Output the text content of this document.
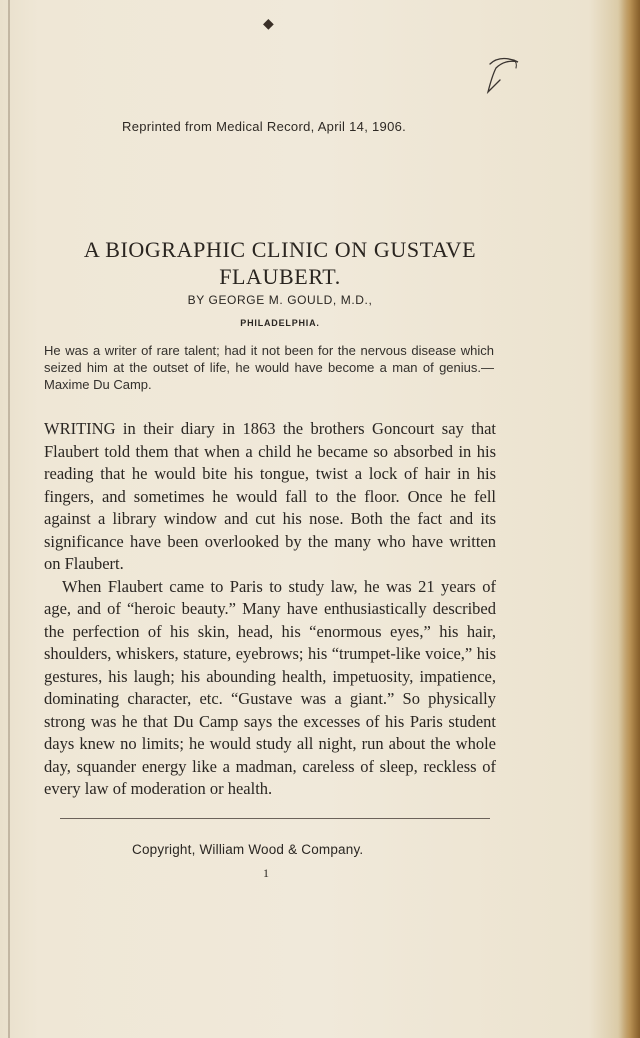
◆
Reprinted from Medical Record, April 14, 1906.
A BIOGRAPHIC CLINIC ON GUSTAVE FLAUBERT.
BY GEORGE M. GOULD, M.D.,
PHILADELPHIA.
He was a writer of rare talent; had it not been for the nervous disease which seized him at the outset of life, he would have become a man of genius.—Maxime Du Camp.

WRITING in their diary in 1863 the brothers Goncourt say that Flaubert told them that when a child he became so absorbed in his reading that he would bite his tongue, twist a lock of hair in his fingers, and sometimes he would fall to the floor. Once he fell against a library window and cut his nose. Both the fact and its significance have been overlooked by the many who have written on Flaubert.

When Flaubert came to Paris to study law, he was 21 years of age, and of “heroic beauty.” Many have enthusiastically described the perfection of his skin, head, his “enormous eyes,” his hair, shoulders, whiskers, stature, eyebrows; his “trumpet-like voice,” his gestures, his laugh; his abounding health, impetuosity, impatience, dominating character, etc. “Gustave was a giant.” So physically strong was he that Du Camp says the excesses of his Paris student days knew no limits; he would study all night, run about the whole day, squander energy like a madman, careless of sleep, reckless of every law of moderation or health.

Copyright, William Wood & Company.
1
